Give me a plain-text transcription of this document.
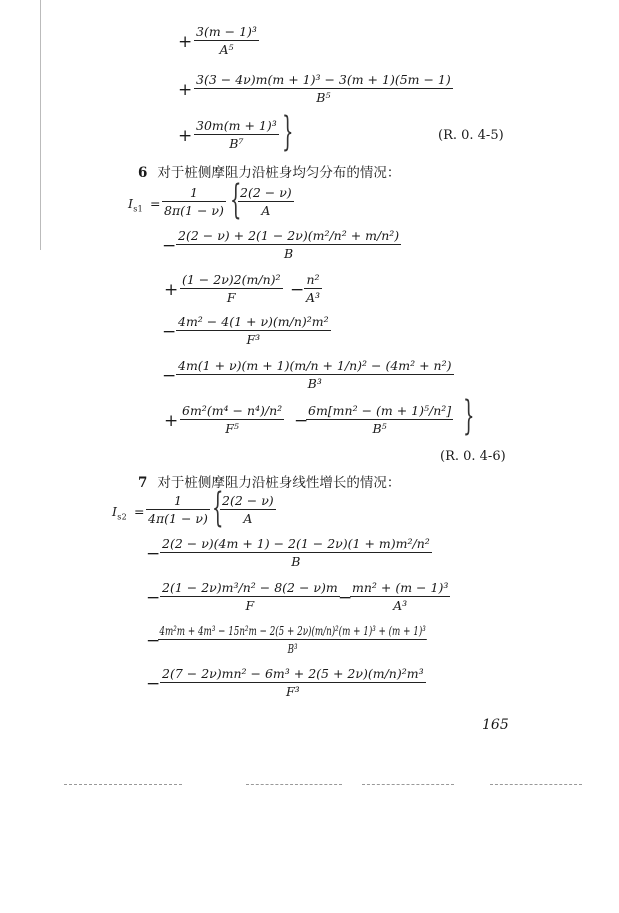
+ $\frac{\text{3(m − 1)³}}{\text{A⁵}}$
+ $\frac{\text{3(3 − 4ν)m(m + 1)³ − 3(m + 1)(5m − 1)}}{\text{B⁵}}$
+ $\frac{\text{30m(m + 1)³}}{\text{B⁷}}$ }	(R. 0. 4-5)
6 对于桩侧摩阻力沿桩身均匀分布的情况：
$I_{s1} = \frac{1}{8\pi(1 - \nu)}$ {
$\frac{2(2 - \nu)}{A}$
− $\frac{\text{2(2 − ν) + 2(1 − 2ν)(m²/n² + m/n²)}}{B}$
+ $\frac{\text{(1 − 2ν)2(m/n)²}}{F} - \frac{\text{n²}}{\text{A³}}$
− $\frac{\text{4m² − 4(1 + ν)(m/n)²m²}}{\text{F³}}$
− $\frac{\text{4m(1 + ν)(m + 1)(m/n + 1/n)² − (4m² + n²)}}{\text{B³}}$
+ $\frac{\text{6m²(m⁴ − n⁴)/n²}}{\text{F⁵}}$ −
$\frac{\text{6m[mn² − (m + 1)⁵/n²]}}{\text{B⁵}}$ }
(R. 0. 4-6)
7 对于桩侧摩阻力沿桩身线性增长的情况：
$I_{s2} = \frac{1}{4\pi(1 - \nu)}$ {
$\frac{2(2 - \nu)}{A}$
− $\frac{\text{2(2 − ν)(4m + 1) − 2(1 − 2ν)(1 + m)m²/n²}}{B}$
− $\frac{\text{2(1 − 2ν)m³/n² − 8(2 − ν)m}}{F}$
−
$\frac{\text{mn² + (m − 1)³}}{\text{A³}}$
−
$\frac{\text{4m²m + 4m³ − 15n²m − 2(5 + 2ν)(m/n)²(m + 1)³ + (m + 1)³}}{\text{B³}}$
− $\frac{\text{2(7 − 2ν)mn² − 6m³ + 2(5 + 2ν)(m/n)²m³}}{\text{F³}}$
165
